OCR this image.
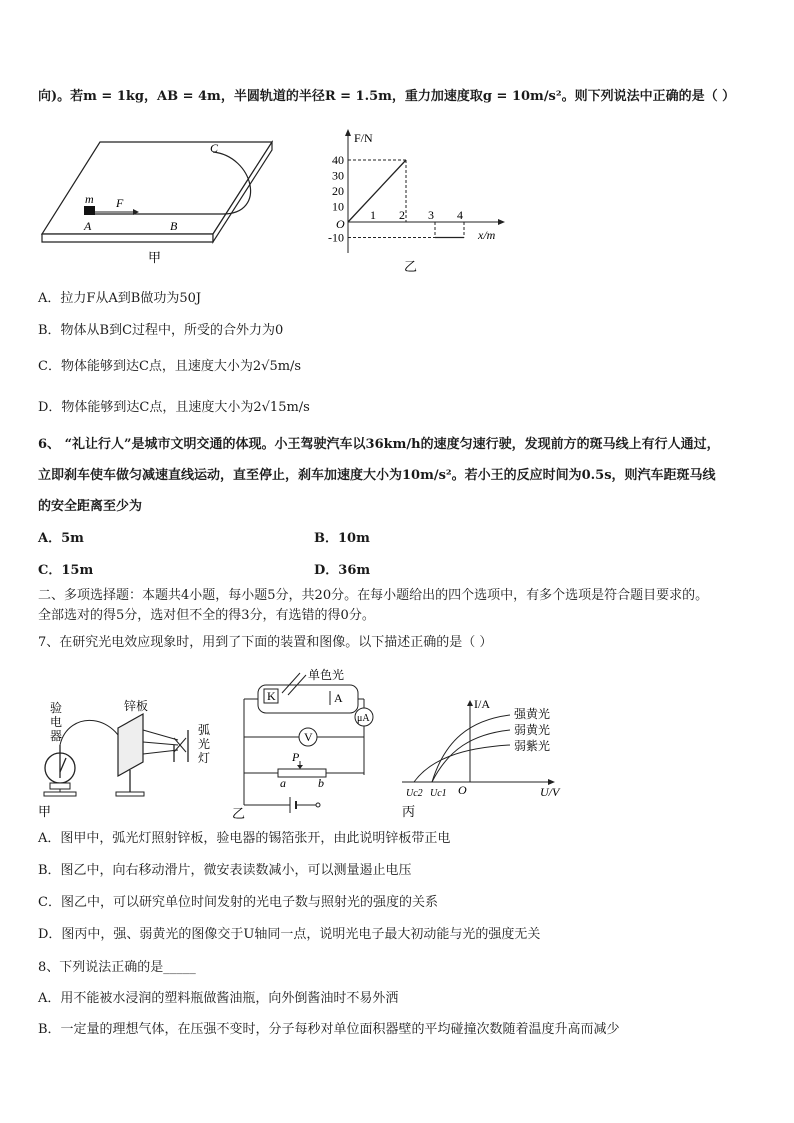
向)。若m = 1kg，AB = 4m，半圆轨道的半径R = 1.5m，重力加速度取g = 10m/s²。则下列说法中正确的是（ ）
m F
A	B
C
甲
40
30
20
10
-10
1 2 3 4
F/N
x/m
O
乙
A．拉力F从A到B做功为50J
B．物体从B到C过程中，所受的合外力为0
C．物体能够到达C点，且速度大小为2√5m/s
D．物体能够到达C点，且速度大小为2√15m/s
6、 “礼让行人”是城市文明交通的体现。小王驾驶汽车以36km/h的速度匀速行驶，发现前方的斑马线上有行人通过，
立即刹车使车做匀减速直线运动，直至停止，刹车加速度大小为10m/s²。若小王的反应时间为0.5s，则汽车距斑马线
的安全距离至少为
A．5m	B．10m
C．15m	D．36m
二、多项选择题：本题共4小题，每小题5分，共20分。在每小题给出的四个选项中，有多个选项是符合题目要求的。
全部选对的得5分，选对但不全的得3分，有选错的得0分。
7、在研究光电效应现象时，用到了下面的装置和图像。以下描述正确的是（ ）
验
电
器
锌板
弧
光
灯
甲
K	A
单色光
μA
V
P
a	b
乙
I/A
U/V
O
Uc2 Uc1
强黄光
弱黄光
弱紫光
丙
A．图甲中，弧光灯照射锌板，验电器的锡箔张开，由此说明锌板带正电
B．图乙中，向右移动滑片，微安表读数减小，可以测量遏止电压
C．图乙中，可以研究单位时间发射的光电子数与照射光的强度的关系
D．图丙中，强、弱黄光的图像交于U轴同一点，说明光电子最大初动能与光的强度无关
8、下列说法正确的是_____
A．用不能被水浸润的塑料瓶做酱油瓶，向外倒酱油时不易外洒
B．一定量的理想气体，在压强不变时，分子每秒对单位面积器壁的平均碰撞次数随着温度升高而减少
